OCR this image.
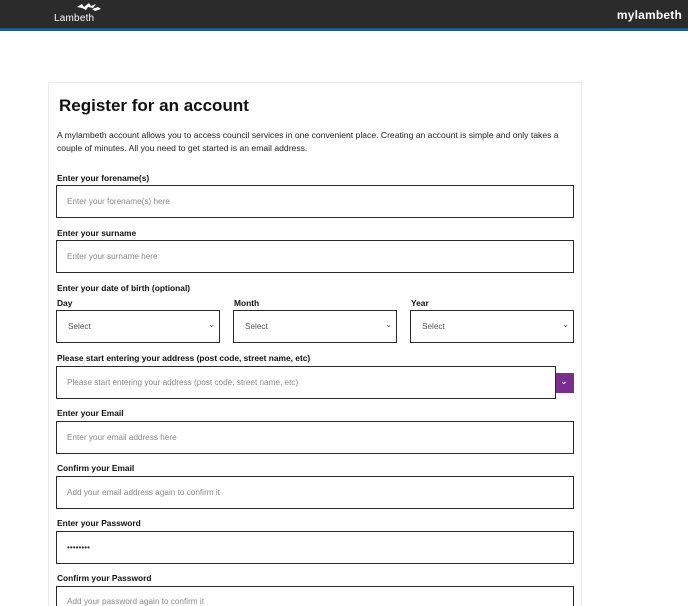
Lambeth	mylambeth
Register for an account

A mylambeth account allows you to access council services in one convenient place. Creating an account is simple and only takes a couple of minutes. All you need to get started is an email address.

Enter your forename(s)
Enter your forename(s) here
Enter your surname
Enter your surname here
Enter your date of birth (optional)
Day	Month	Year
Select	⌄	Select	⌄	Select	⌄
Please start entering your address (post code, street name, etc)
Please start entering your address (post code, street name, etc)
⌄
Enter your Email
Enter your email address here
Confirm your Email
Add your email address again to confirm it
Enter your Password
••••••••
Confirm your Password
